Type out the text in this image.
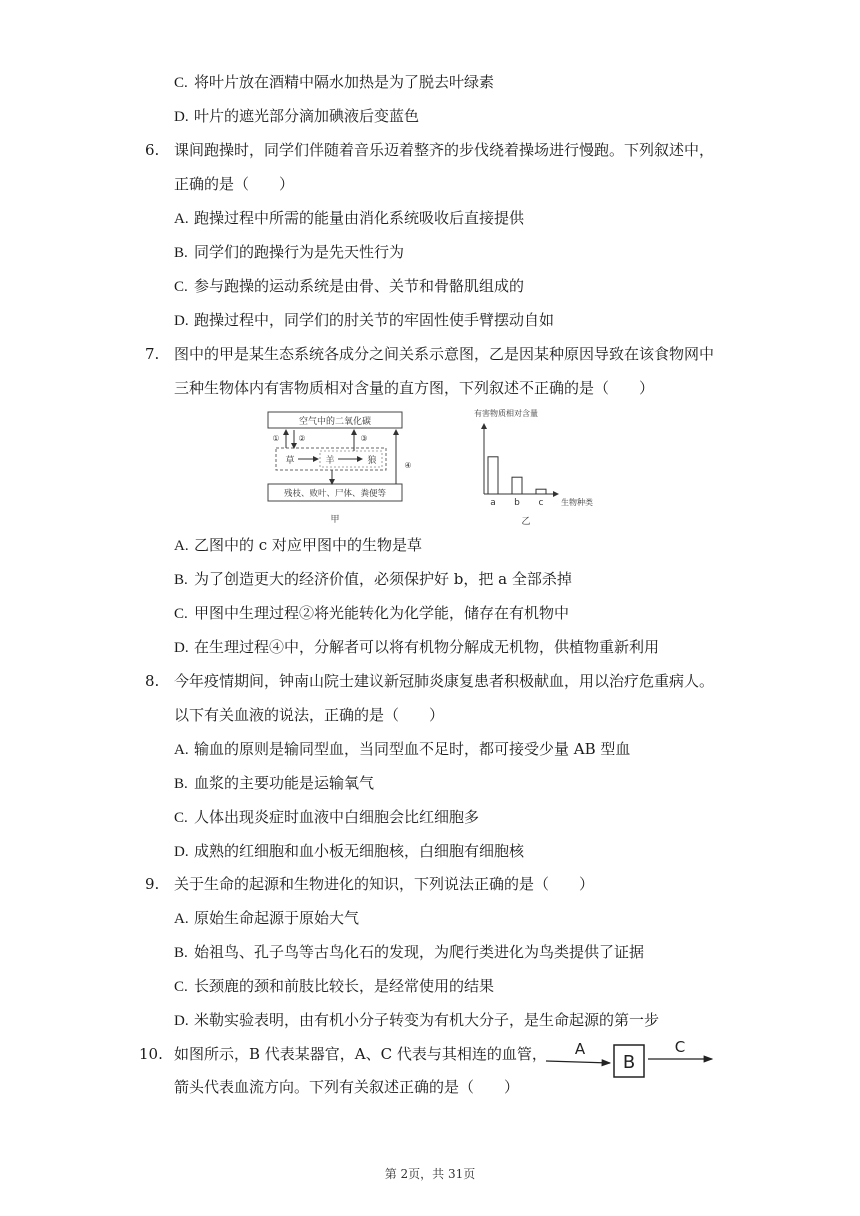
C. 将叶片放在酒精中隔水加热是为了脱去叶绿素
D. 叶片的遮光部分滴加碘液后变蓝色
6. 课间跑操时，同学们伴随着音乐迈着整齐的步伐绕着操场进行慢跑。下列叙述中，
正确的是（　　）
A. 跑操过程中所需的能量由消化系统吸收后直接提供
B. 同学们的跑操行为是先天性行为
C. 参与跑操的运动系统是由骨、关节和骨骼肌组成的
D. 跑操过程中，同学们的肘关节的牢固性使手臂摆动自如
7. 图中的甲是某生态系统各成分之间关系示意图，乙是因某种原因导致在该食物网中
三种生物体内有害物质相对含量的直方图，下列叙述不正确的是（　　）
空气中的二氧化碳
残枝、败叶、尸体、粪便等
草	羊	狼
① ②	③
④
甲
有害物质相对含量
生物种类
a b c
乙
A. 乙图中的 c 对应甲图中的生物是草
B. 为了创造更大的经济价值，必须保护好 b，把 a 全部杀掉
C. 甲图中生理过程②将光能转化为化学能，储存在有机物中
D. 在生理过程④中，分解者可以将有机物分解成无机物，供植物重新利用
8. 今年疫情期间，钟南山院士建议新冠肺炎康复患者积极献血，用以治疗危重病人。
以下有关血液的说法，正确的是（　　）
A. 输血的原则是输同型血，当同型血不足时，都可接受少量 AB 型血
B. 血浆的主要功能是运输氧气
C. 人体出现炎症时血液中白细胞会比红细胞多
D. 成熟的红细胞和血小板无细胞核，白细胞有细胞核
9. 关于生命的起源和生物进化的知识，下列说法正确的是（　　）
A. 原始生命起源于原始大气
B. 始祖鸟、孔子鸟等古鸟化石的发现，为爬行类进化为鸟类提供了证据
C. 长颈鹿的颈和前肢比较长，是经常使用的结果
D. 米勒实验表明，由有机小分子转变为有机大分子，是生命起源的第一步
10. 如图所示，B 代表某器官，A、C 代表与其相连的血管，
箭头代表血流方向。下列有关叙述正确的是（　　）
A
B
C
第 2页，共 31页
